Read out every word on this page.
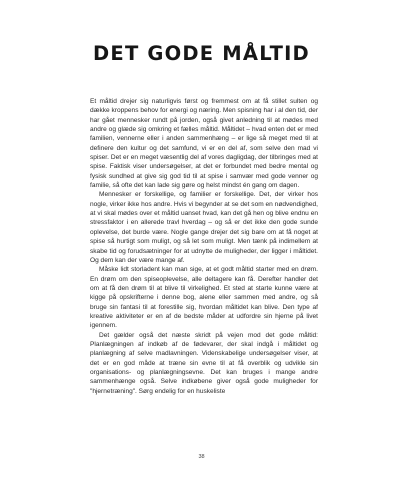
DET GODE MÅLTID

Et måltid drejer sig naturligvis først og fremmest om at få stillet sulten og dække kroppens behov for energi og næring. Men spisning har i al den tid, der har gået mennesker rundt på jorden, også givet anledning til at mødes med andre og glæde sig omkring et fælles måltid. Måltidet – hvad enten det er med familien, vennerne eller i anden sammenhæng – er lige så meget med til at definere den kultur og det samfund, vi er en del af, som selve den mad vi spiser. Det er en meget væsentlig del af vores dagligdag, der tilbringes med at spise. Faktisk viser undersøgelser, at det er forbundet med bedre mental og fysisk sundhed at give sig god tid til at spise i samvær med gode venner og familie, så ofte det kan lade sig gøre og helst mindst én gang om dagen.

Mennesker er forskellige, og familier er forskellige. Det, der virker hos nogle, virker ikke hos andre. Hvis vi begynder at se det som en nødvendighed, at vi skal mødes over et måltid uanset hvad, kan det gå hen og blive endnu en stressfaktor i en allerede travl hverdag – og så er det ikke den gode sunde oplevelse, det burde være. Nogle gange drejer det sig bare om at få noget at spise så hurtigt som muligt, og så let som muligt. Men tænk på indimellem at skabe tid og forudsætninger for at udnytte de muligheder, der ligger i måltidet. Og dem kan der være mange af.

Måske lidt storladent kan man sige, at et godt måltid starter med en drøm. En drøm om den spiseoplevelse, alle deltagere kan få. Derefter handler det om at få den drøm til at blive til virkelighed. Et sted at starte kunne være at kigge på opskrifterne i denne bog, alene eller sammen med andre, og så bruge sin fantasi til at forestille sig, hvordan måltidet kan blive. Den type af kreative aktiviteter er en af de bedste måder at udfordre sin hjerne på livet igennem.

Det gælder også det næste skridt på vejen mod det gode måltid: Planlægningen af indkøb af de fødevarer, der skal indgå i måltidet og planlægning af selve madlavningen. Videnskabelige undersøgelser viser, at det er en god måde at træne sin evne til at få overblik og udvikle sin organisations- og planlægningsevne. Det kan bruges i mange andre sammenhænge også. Selve indkøbene giver også gode muligheder for "hjernetræning". Sørg endelig for en huskeliste

38
